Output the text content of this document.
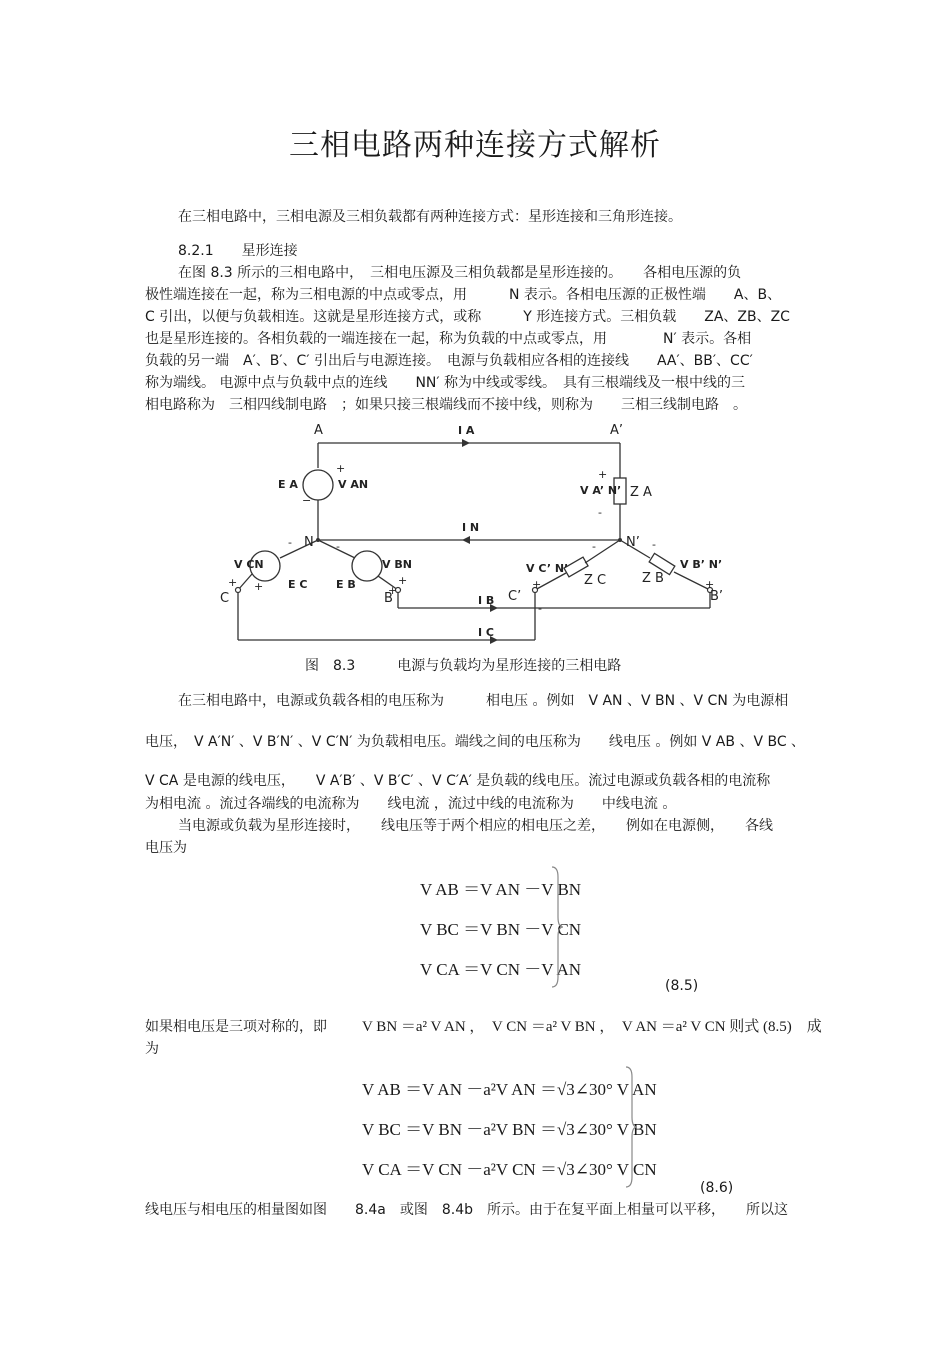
三相电路两种连接方式解析
在三相电路中，三相电源及三相负载都有两种连接方式：星形连接和三角形连接。
8.2.1　　星形连接
在图 8.3 所示的三相电路中，　三相电压源及三相负载都是星形连接的。　　各相电压源的负
极性端连接在一起，称为三相电源的中点或零点，用　　　N 表示。各相电压源的正极性端　　A、B、
C 引出，以便与负载相连。这就是星形连接方式，或称　　　Y 形连接方式。三相负载　　ZA、ZB、ZC
也是星形连接的。各相负载的一端连接在一起，称为负载的中点或零点，用　　　　N′ 表示。各相
负载的另一端　A′、B′、C′ 引出后与电源连接。　电源与负载相应各相的连接线　　AA′、BB′、CC′
称为端线。 电源中点与负载中点的连线　　NN′ 称为中线或零线。　具有三根端线及一根中线的三
相电路称为　三相四线制电路　；如果只接三根端线而不接中线，则称为　　三相三线制电路　。
A	A’
N	N’
C	B	C’	B’
I A
I N
I B
I C
E A	V AN
V CN
E C
V BN
E B
V A’ N’
V C’ N’	V B’ N’
Z A
Z C	Z B
−
+	+
-
-	-
+ +	+
+
-	-
+	+
-
图　8.3　　　电源与负载均为星形连接的三相电路
在三相电路中，电源或负载各相的电压称为　　　相电压 。例如　V AN 、V BN 、V CN 为电源相
电压，　V A′N′ 、V B′N′ 、V C′N′ 为负载相电压。端线之间的电压称为　　线电压 。例如 V AB 、V BC 、
V CA 是电源的线电压，　　V A′B′ 、V B′C′ 、V C′A′ 是负载的线电压。流过电源或负载各相的电流称
为相电流 。流过各端线的电流称为　　线电流 ，流过中线的电流称为　　中线电流 。
当电源或负载为星形连接时，　　线电压等于两个相应的相电压之差，　　例如在电源侧，　　各线
电压为
V AB ＝V AN －V BN
V BC ＝V BN －V CN
V CA ＝V CN －V AN
(8.5)
如果相电压是三项对称的，即 V BN ＝a² V AN ，　V CN ＝a² V BN ，　V AN ＝a² V CN 则式 (8.5)　成
为
V AB ＝V AN －a²V AN ＝√3∠30° V AN
V BC ＝V BN －a²V BN ＝√3∠30° V BN
V CA ＝V CN －a²V CN ＝√3∠30° V CN
(8.6)
线电压与相电压的相量图如图　　8.4a　或图　8.4b　所示。由于在复平面上相量可以平移，　　所以这
